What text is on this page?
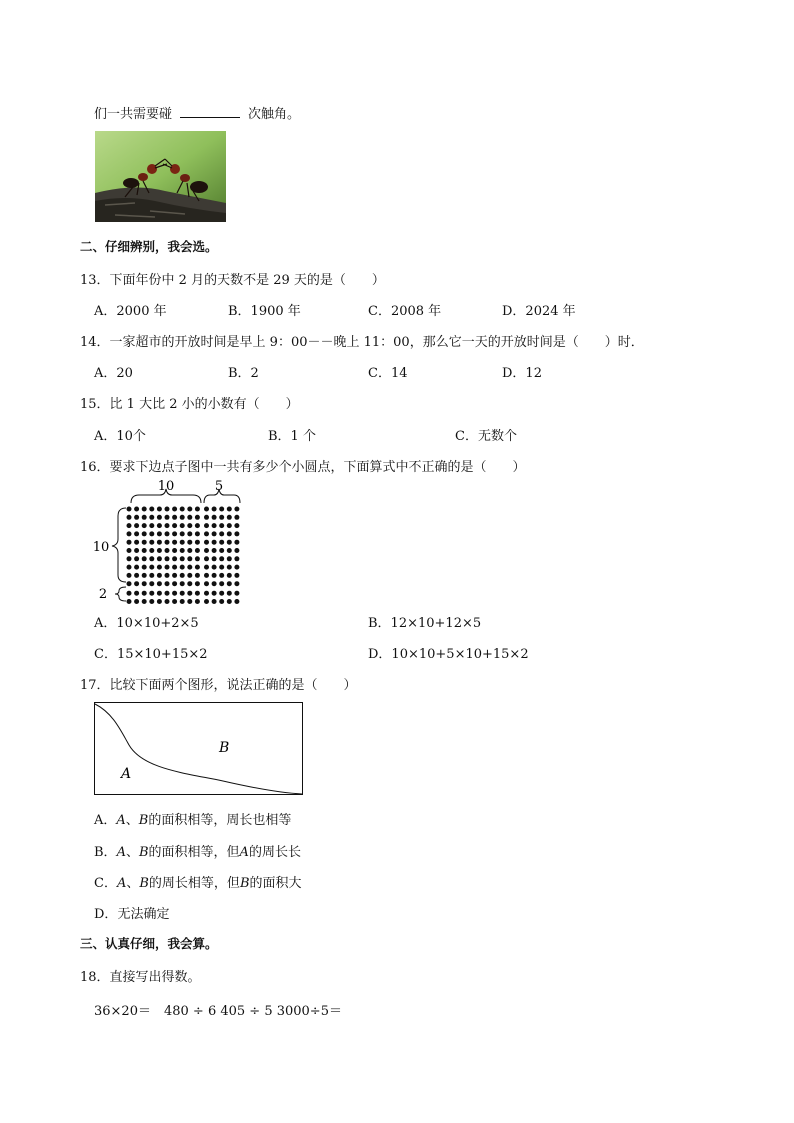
们一共需要碰	次触角。
二、仔细辨别，我会选。
13．下面年份中 2 月的天数不是 29 天的是（　　）
A．2000 年	B．1900 年	C．2008 年	D．2024 年
14．一家超市的开放时间是早上 9：00－－晚上 11：00，那么它一天的开放时间是（　　）时．
A．20	B．2	C．14	D．12
15．比 1 大比 2 小的小数有（　　）
A．10个	B．1 个	C．无数个
16．要求下边点子图中一共有多少个小圆点，下面算式中不正确的是（　　）
10	5
10
2
A．10×10+2×5	B．12×10+12×5
C．15×10+15×2	D．10×10+5×10+15×2
17．比较下面两个图形，说法正确的是（　　）
A
B
A．A、B的面积相等，周长也相等
B．A、B的面积相等，但A的周长长
C．A、B的周长相等，但B的面积大
D．无法确定
三、认真仔细，我会算。
18．直接写出得数。
36×20＝　480 ÷ 6 405 ÷ 5 3000÷5＝
